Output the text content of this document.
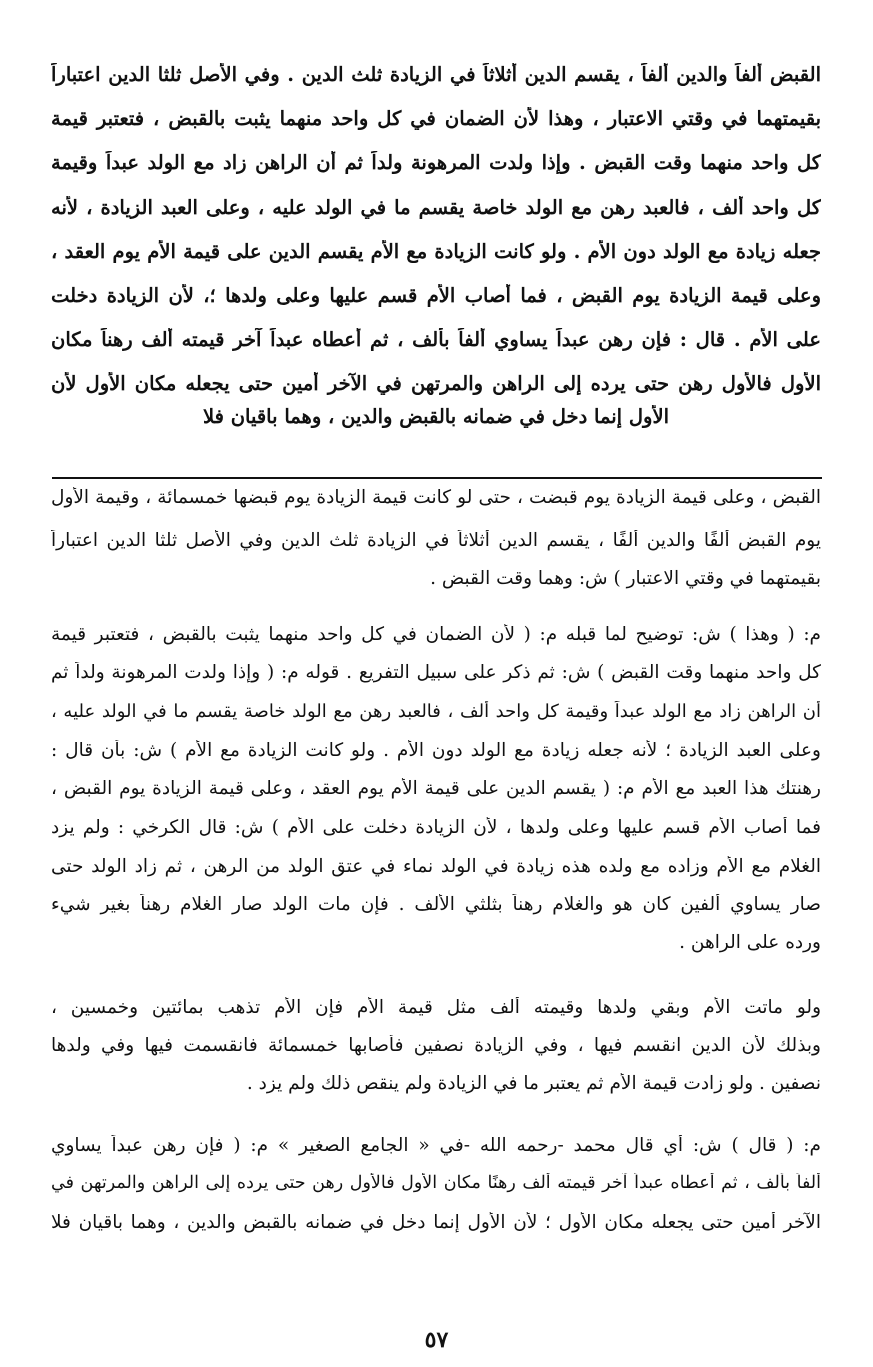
القبض ألفاً والدين ألفاً ، يقسم الدين أثلاثاً في الزيادة ثلث الدين . وفي الأصل ثلثا الدين اعتباراً
بقيمتهما في وقتي الاعتبار ، وهذا لأن الضمان في كل واحد منهما يثبت بالقبض ، فتعتبر قيمة
كل واحد منهما وقت القبض . وإذا ولدت المرهونة ولداً ثم أن الراهن زاد مع الولد عبداً وقيمة
كل واحد ألف ، فالعبد رهن مع الولد خاصة يقسم ما في الولد عليه ، وعلى العبد الزيادة ، لأنه
جعله زيادة مع الولد دون الأم . ولو كانت الزيادة مع الأم يقسم الدين على قيمة الأم يوم العقد ،
وعلى قيمة الزيادة يوم القبض ، فما أصاب الأم قسم عليها وعلى ولدها ؛، لأن الزيادة دخلت
على الأم . قال : فإن رهن عبداً يساوي ألفاً بألف ، ثم أعطاه عبداً آخر قيمته ألف رهناً مكان
الأول فالأول رهن حتى يرده إلى الراهن والمرتهن في الآخر أمين حتى يجعله مكان الأول لأن
الأول إنما دخل في ضمانه بالقبض والدين ، وهما باقيان فلا
القبض ، وعلى قيمة الزيادة يوم قبضت ، حتى لو كانت قيمة الزيادة يوم قبضها خمسمائة ، وقيمة الأول
يوم القبض ألفًا والدين ألفًا ، يقسم الدين أثلاثاً في الزيادة ثلث الدين وفي الأصل ثلثا الدين اعتباراً
بقيمتهما في وقتي الاعتبار ) ش: وهما وقت القبض .
م: ( وهذا ) ش: توضيح لما قبله م: ( لأن الضمان في كل واحد منهما يثبت بالقبض ، فتعتبر قيمة
كل واحد منهما وقت القبض ) ش: ثم ذكر على سبيل التفريع . قوله م: ( وإذا ولدت المرهونة ولداً ثم
أن الراهن زاد مع الولد عبداً وقيمة كل واحد ألف ، فالعبد رهن مع الولد خاصة يقسم ما في الولد عليه ،
وعلى العبد الزيادة ؛ لأنه جعله زيادة مع الولد دون الأم . ولو كانت الزيادة مع الأم ) ش: بأن قال :
رهنتك هذا العبد مع الأم م: ( يقسم الدين على قيمة الأم يوم العقد ، وعلى قيمة الزيادة يوم القبض ،
فما أصاب الأم قسم عليها وعلى ولدها ، لأن الزيادة دخلت على الأم ) ش: قال الكرخي : ولم يزد
الغلام مع الأم وزاده مع ولده هذه زيادة في الولد نماء في عتق الولد من الرهن ، ثم زاد الولد حتى
صار يساوي ألفين كان هو والغلام رهناً بثلثي الألف . فإن مات الولد صار الغلام رهناً بغير شيء
ورده على الراهن .
ولو ماتت الأم وبقي ولدها وقيمته ألف مثل قيمة الأم فإن الأم تذهب بمائتين وخمسين ،
وبذلك لأن الدين انقسم فيها ، وفي الزيادة نصفين فأصابها خمسمائة فانقسمت فيها وفي ولدها
نصفين . ولو زادت قيمة الأم ثم يعتبر ما في الزيادة ولم ينقص ذلك ولم يزد .
م: ( قال ) ش: أي قال محمد -رحمه الله -في « الجامع الصغير » م: ( فإن رهن عبداً يساوي
ألفاً بألف ، ثم أعطاه عبداً آخر قيمته ألف رهنًا مكان الأول فالأول رهن حتى يرده إلى الراهن والمرتهن في
الآخر أمين حتى يجعله مكان الأول ؛ لأن الأول إنما دخل في ضمانه بالقبض والدين ، وهما باقيان فلا
٥٧
